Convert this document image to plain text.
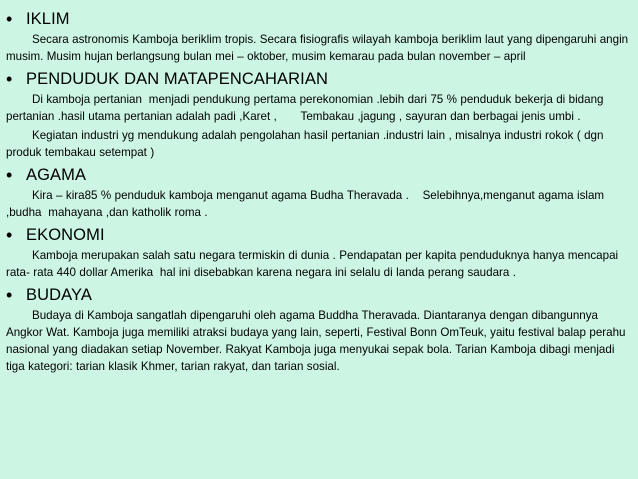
• IKLIM

Secara astronomis Kamboja beriklim tropis. Secara fisiografis wilayah kamboja beriklim laut yang dipengaruhi angin musim. Musim hujan berlangsung bulan mei – oktober, musim kemarau pada bulan november – april

• PENDUDUK DAN MATAPENCAHARIAN

Di kamboja pertanian  menjadi pendukung pertama perekonomian .lebih dari 75 % penduduk bekerja di bidang pertanian .hasil utama pertanian adalah padi ,Karet ,       Tembakau ,jagung , sayuran dan berbagai jenis umbi .

Kegiatan industri yg mendukung adalah pengolahan hasil pertanian .industri lain , misalnya industri rokok ( dgn produk tembakau setempat )

• AGAMA

Kira – kira85 % penduduk kamboja menganut agama Budha Theravada .    Selebihnya,menganut agama islam ,budha  mahayana ,dan katholik roma .

• EKONOMI

Kamboja merupakan salah satu negara termiskin di dunia . Pendapatan per kapita penduduknya hanya mencapai rata- rata 440 dollar Amerika  hal ini disebabkan karena negara ini selalu di landa perang saudara .

• BUDAYA

Budaya di Kamboja sangatlah dipengaruhi oleh agama Buddha Theravada. Diantaranya dengan dibangunnya Angkor Wat. Kamboja juga memiliki atraksi budaya yang lain, seperti, Festival Bonn OmTeuk, yaitu festival balap perahu nasional yang diadakan setiap November. Rakyat Kamboja juga menyukai sepak bola. Tarian Kamboja dibagi menjadi tiga kategori: tarian klasik Khmer, tarian rakyat, dan tarian sosial.
